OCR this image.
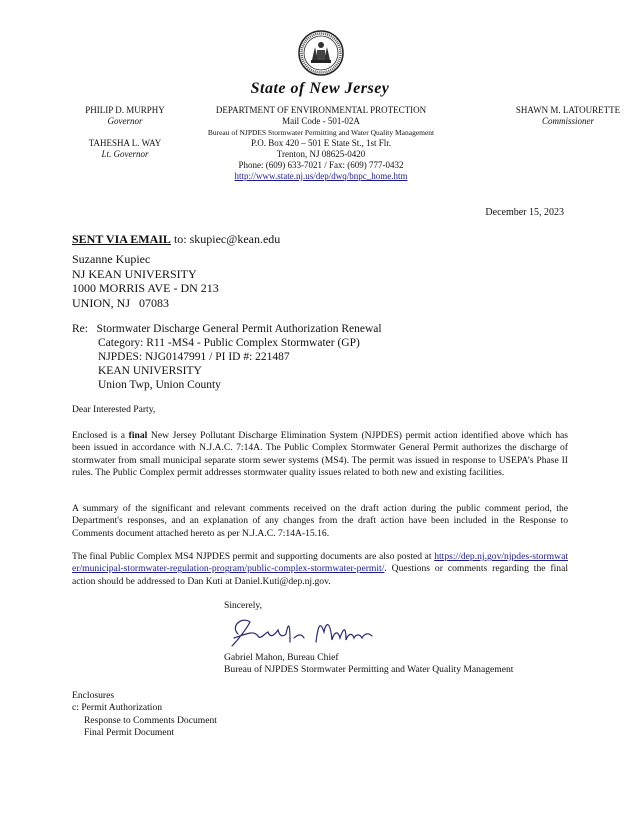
State of New Jersey
PHILIP D. MURPHY
Governor
TAHESHA L. WAY
Lt. Governor
DEPARTMENT OF ENVIRONMENTAL PROTECTION
Mail Code - 501-02A
Bureau of NJPDES Stormwater Permitting and Water Quality Management
P.O. Box 420 – 501 E State St., 1st Flr.
Trenton, NJ 08625-0420
Phone: (609) 633-7021 / Fax: (609) 777-0432
http://www.state.nj.us/dep/dwq/bnpc_home.htm
SHAWN M. LATOURETTE
Commissioner
December 15, 2023
SENT VIA EMAIL to: skupiec@kean.edu
Suzanne Kupiec
NJ KEAN UNIVERSITY
1000 MORRIS AVE - DN 213
UNION, NJ   07083
Re: Stormwater Discharge General Permit Authorization Renewal
Category: R11 -MS4 - Public Complex Stormwater (GP)
NJPDES: NJG0147991 / PI ID #: 221487
KEAN UNIVERSITY
Union Twp, Union County
Dear Interested Party,
Enclosed is a final New Jersey Pollutant Discharge Elimination System (NJPDES) permit action identified above which has been issued in accordance with N.J.A.C. 7:14A. The Public Complex Stormwater General Permit authorizes the discharge of stormwater from small municipal separate storm sewer systems (MS4). The permit was issued in response to USEPA’s Phase II rules. The Public Complex permit addresses stormwater quality issues related to both new and existing facilities.
A summary of the significant and relevant comments received on the draft action during the public comment period, the Department's responses, and an explanation of any changes from the draft action have been included in the Response to Comments document attached hereto as per N.J.A.C. 7:14A-15.16.
The final Public Complex MS4 NJPDES permit and supporting documents are also posted at https://dep.nj.gov/njpdes-stormwater/municipal-stormwater-regulation-program/public-complex-stormwater-permit/. Questions or comments regarding the final action should be addressed to Dan Kuti at Daniel.Kuti@dep.nj.gov.
Sincerely,
Gabriel Mahon, Bureau Chief
Bureau of NJPDES Stormwater Permitting and Water Quality Management
Enclosures
c: Permit Authorization
Response to Comments Document
Final Permit Document
